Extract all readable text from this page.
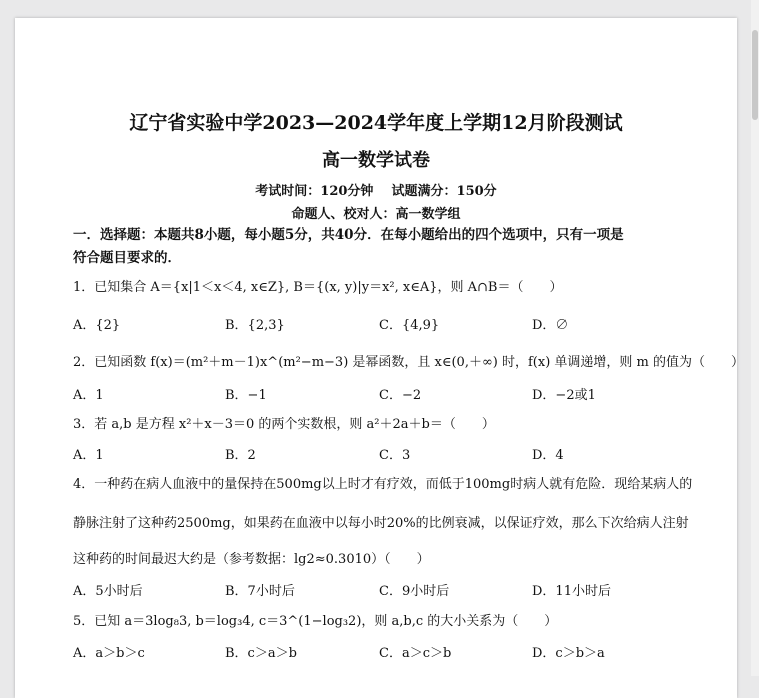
辽宁省实验中学2023—2024学年度上学期12月阶段测试
高一数学试卷
考试时间：120分钟    试题满分：150分
命题人、校对人：高一数学组
一．选择题：本题共8小题，每小题5分，共40分．在每小题给出的四个选项中，只有一项是
符合题目要求的．
1．已知集合 A＝{x|1＜x＜4, x∈Z}, B＝{(x, y)|y＝x², x∈A}，则 A∩B＝（　　）
A．{2}	B．{2,3}	C．{4,9}	D．∅
2．已知函数 f(x)＝(m²＋m－1)x^(m²−m−3) 是幂函数，且 x∈(0,＋∞) 时，f(x) 单调递增，则 m 的值为（　　）
A．1	B．−1	C．−2	D．−2或1
3．若 a,b 是方程 x²＋x－3＝0 的两个实数根，则 a²＋2a＋b＝（　　）
A．1	B．2	C．3	D．4
4．一种药在病人血液中的量保持在500mg以上时才有疗效，而低于100mg时病人就有危险．现给某病人的
静脉注射了这种药2500mg，如果药在血液中以每小时20%的比例衰减，以保证疗效，那么下次给病人注射
这种药的时间最迟大约是（参考数据：lg2≈0.3010）（　　）
A．5小时后	B．7小时后	C．9小时后	D．11小时后
5．已知 a＝3log₈3, b＝log₃4, c＝3^(1−log₃2)，则 a,b,c 的大小关系为（　　）
A．a＞b＞c	B．c＞a＞b	C．a＞c＞b	D．c＞b＞a
